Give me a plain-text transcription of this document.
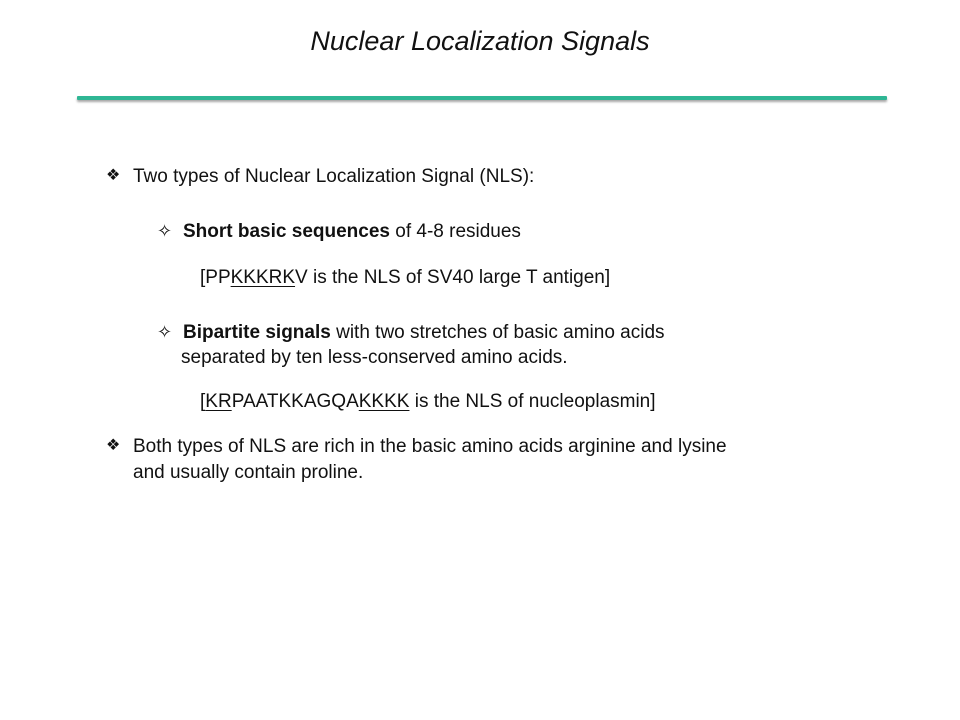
Nuclear Localization Signals
❖ Two types of Nuclear Localization Signal (NLS):
✧ Short basic sequences of 4-8 residues
[PPKKKRKV is the NLS of SV40 large T antigen]
✧ Bipartite signals with two stretches of basic amino acids
separated by ten less-conserved amino acids.
[KRPAATKKAGQAKKKK is the NLS of nucleoplasmin]
❖ Both types of NLS are rich in the basic amino acids arginine and lysine
and usually contain proline.
